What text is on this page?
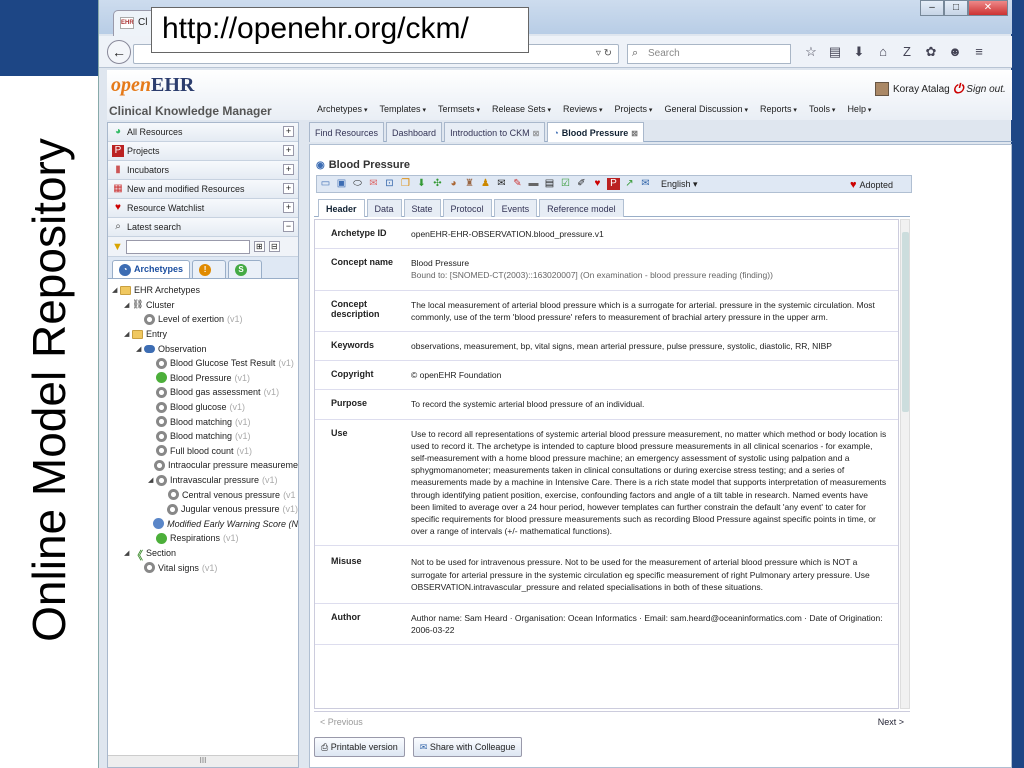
Online Model Repository
EHR Cl
–	□	✕
http://openehr.org/ckm/
←	▿ ↻ ⌕ Search	☆ ▤ ⬇	⌂	Z	✿ ☻	≡
openEHR
Clinical Knowledge Manager
Koray Atalag ⏻ Sign out.
Archetypes ▾	Templates ▾	Termsets ▾	Release Sets ▾	Reviews ▾	Projects ▾	General Discussion ▾	Reports ▾	Tools ▾	Help ▾
◕ All Resources	+
P Projects	+
▮ Incubators	+
▦ New and modified Resources	+
♥ Resource Watchlist	+
⌕ Latest search	−
▼	⊞ ⊟
◔ Archetypes	!	S
◢ EHR Archetypes
◢ ⛓ Cluster
Level of exertion (v1)
◢ Entry
◢ Observation
Blood Glucose Test Result (v1)
Blood Pressure (v1)
Blood gas assessment (v1)
Blood glucose (v1)
Blood matching (v1)
Blood matching (v1)
Full blood count (v1)
Intraocular pressure measureme
◢ Intravascular pressure (v1)
Central venous pressure (v1
Jugular venous pressure (v1)
Modified Early Warning Score (N
Respirations (v1)
◢ 《 Section
Vital signs (v1)
III
Find Resources	Dashboard	Introduction to CKM ⊠	◔ Blood Pressure ⊠
◉ Blood Pressure
▭ ▣ ⬭ ✉ ⊡ ❐ ⬇ ✣ ◕ ♜ ♟ ✉ ✎ ▬ ▤ ☑ ✐ ♥ P ↗ ✉ English ▾	♥ Adopted
Header	Data	State	Protocol	Events	Reference model
Archetype ID	openEHR-EHR-OBSERVATION.blood_pressure.v1
Concept name	Blood Pressure
Bound to: [SNOMED-CT(2003)::163020007] (On examination - blood pressure reading (finding))
Concept description
The local measurement of arterial blood pressure which is a surrogate for arterial. pressure in the systemic circulation. Most commonly, use of the term 'blood pressure' refers to measurement of brachial artery pressure in the upper arm.
Keywords	observations, measurement, bp, vital signs, mean arterial pressure, pulse pressure, systolic, diastolic, RR, NIBP
Copyright	© openEHR Foundation
Purpose	To record the systemic arterial blood pressure of an individual.
Use	Use to record all representations of systemic arterial blood pressure measurement, no matter which method or body location is used to record it. The archetype is intended to capture blood pressure measurements in all clinical scenarios - for example, self-measurement with a home blood pressure machine; an emergency assessment of systolic using palpation and a sphygmomanometer; measurements taken in clinical consultations or during exercise stress testing; and a series of measurements made by a machine in Intensive Care. There is a rich state model that supports interpretation of measurements through identifying patient position, exercise, confounding factors and angle of a tilt table in research. Named events have been limited to average over a 24 hour period, however templates can further constrain the default 'any event' to cater for specific requirements for blood pressure measurements such as recording Blood Pressure against specific points in time, or over a range of intervals (+/- mathematical functions).
Misuse	Not to be used for intravenous pressure. Not to be used for the measurement of arterial blood pressure which is NOT a surrogate for arterial pressure in the systemic circulation eg specific measurement of right Pulmonary artery pressure. Use OBSERVATION.intravascular_pressure and related specialisations in both of these situations.
Author	Author name: Sam Heard · Organisation: Ocean Informatics · Email: sam.heard@oceaninformatics.com · Date of Origination: 2006-03-22
< Previous	Next >
⎙ Printable version	✉ Share with Colleague
